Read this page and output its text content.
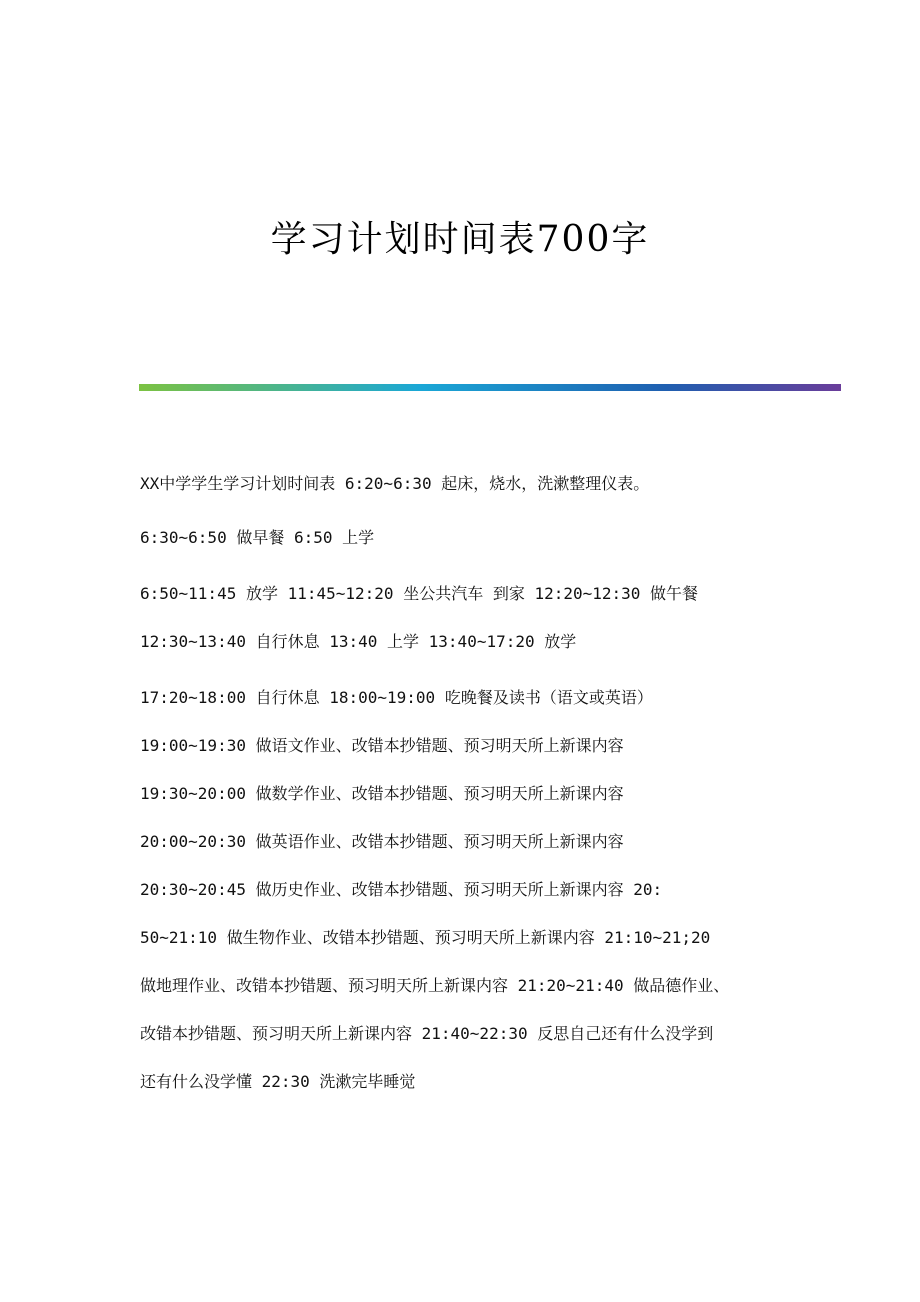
学习计划时间表700字
XX中学学生学习计划时间表 6:20~6:30 起床，烧水，洗漱整理仪表。
6:30~6:50 做早餐 6:50 上学
6:50~11:45 放学 11:45~12:20 坐公共汽车 到家 12:20~12:30 做午餐
12:30~13:40 自行休息 13:40 上学 13:40~17:20 放学
17:20~18:00 自行休息 18:00~19:00 吃晚餐及读书（语文或英语）
19:00~19:30 做语文作业、改错本抄错题、预习明天所上新课内容
19:30~20:00 做数学作业、改错本抄错题、预习明天所上新课内容
20:00~20:30 做英语作业、改错本抄错题、预习明天所上新课内容
20:30~20:45 做历史作业、改错本抄错题、预习明天所上新课内容 20:
50~21:10 做生物作业、改错本抄错题、预习明天所上新课内容 21:10~21;20
做地理作业、改错本抄错题、预习明天所上新课内容 21:20~21:40 做品德作业、
改错本抄错题、预习明天所上新课内容 21:40~22:30 反思自己还有什么没学到
还有什么没学懂 22:30 洗漱完毕睡觉
